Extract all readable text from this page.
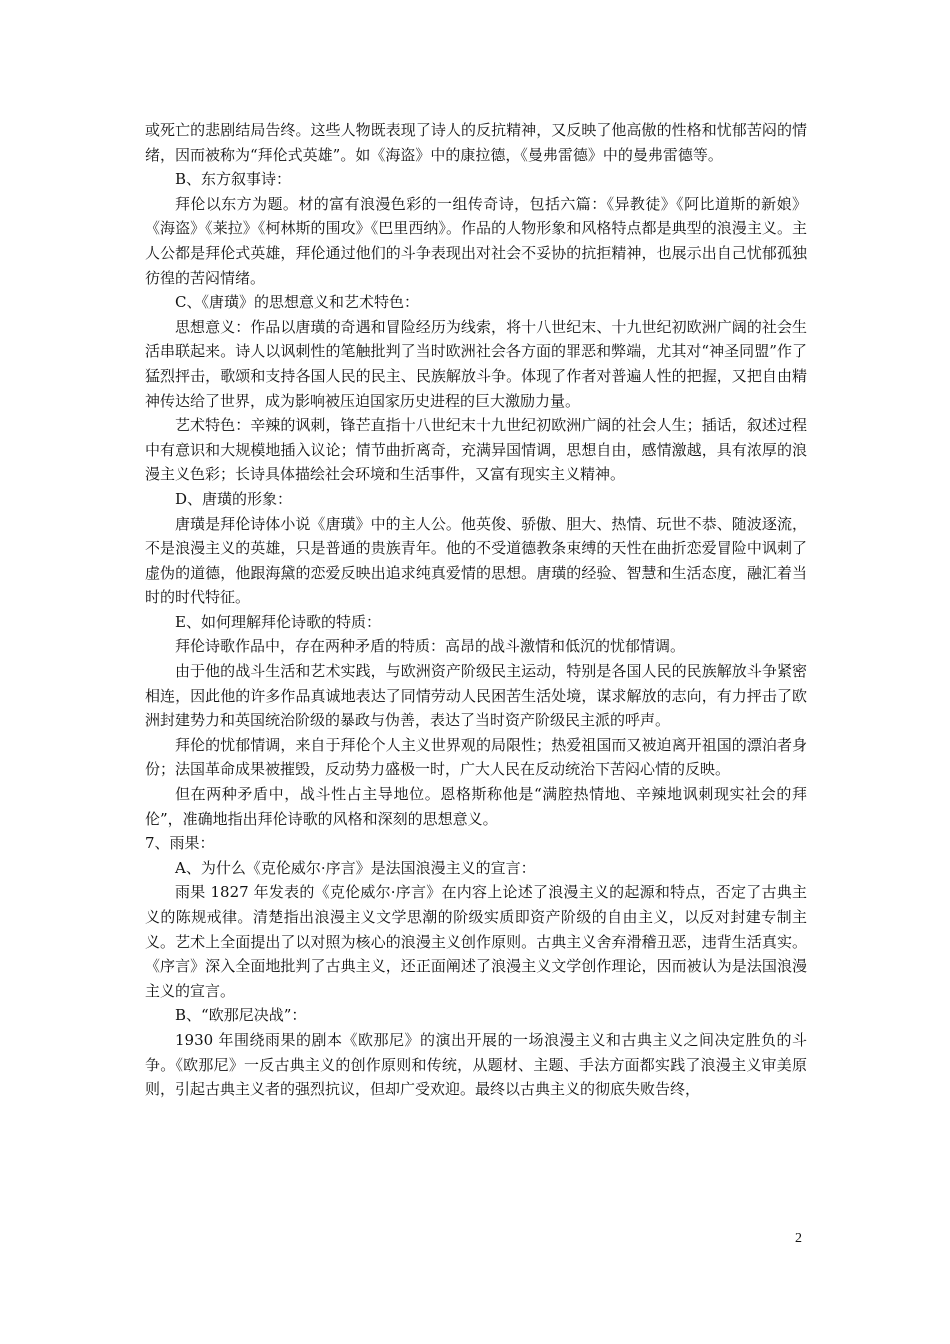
或死亡的悲剧结局告终。这些人物既表现了诗人的反抗精神，又反映了他高傲的性格和忧郁苦闷的情绪，因而被称为“拜伦式英雄”。如《海盗》中的康拉德，《曼弗雷德》中的曼弗雷德等。

B、东方叙事诗：

拜伦以东方为题。材的富有浪漫色彩的一组传奇诗，包括六篇：《异教徒》《阿比道斯的新娘》《海盗》《莱拉》《柯林斯的围攻》《巴里西纳》。作品的人物形象和风格特点都是典型的浪漫主义。主人公都是拜伦式英雄，拜伦通过他们的斗争表现出对社会不妥协的抗拒精神，也展示出自己忧郁孤独彷徨的苦闷情绪。

C、《唐璜》的思想意义和艺术特色：

思想意义：作品以唐璜的奇遇和冒险经历为线索，将十八世纪末、十九世纪初欧洲广阔的社会生活串联起来。诗人以讽刺性的笔触批判了当时欧洲社会各方面的罪恶和弊端，尤其对“神圣同盟”作了猛烈抨击，歌颂和支持各国人民的民主、民族解放斗争。体现了作者对普遍人性的把握，又把自由精神传达给了世界，成为影响被压迫国家历史进程的巨大激励力量。

艺术特色：辛辣的讽刺，锋芒直指十八世纪末十九世纪初欧洲广阔的社会人生；插话，叙述过程中有意识和大规模地插入议论；情节曲折离奇，充满异国情调，思想自由，感情激越，具有浓厚的浪漫主义色彩；长诗具体描绘社会环境和生活事件，又富有现实主义精神。

D、唐璜的形象：

唐璜是拜伦诗体小说《唐璜》中的主人公。他英俊、骄傲、胆大、热情、玩世不恭、随波逐流，不是浪漫主义的英雄，只是普通的贵族青年。他的不受道德教条束缚的天性在曲折恋爱冒险中讽刺了虚伪的道德，他跟海黛的恋爱反映出追求纯真爱情的思想。唐璜的经验、智慧和生活态度，融汇着当时的时代特征。

E、如何理解拜伦诗歌的特质：

拜伦诗歌作品中，存在两种矛盾的特质：高昂的战斗激情和低沉的忧郁情调。

由于他的战斗生活和艺术实践，与欧洲资产阶级民主运动，特别是各国人民的民族解放斗争紧密相连，因此他的许多作品真诚地表达了同情劳动人民困苦生活处境，谋求解放的志向，有力抨击了欧洲封建势力和英国统治阶级的暴政与伪善，表达了当时资产阶级民主派的呼声。

拜伦的忧郁情调，来自于拜伦个人主义世界观的局限性；热爱祖国而又被迫离开祖国的漂泊者身份；法国革命成果被摧毁，反动势力盛极一时，广大人民在反动统治下苦闷心情的反映。

但在两种矛盾中，战斗性占主导地位。恩格斯称他是“满腔热情地、辛辣地讽刺现实社会的拜伦”，准确地指出拜伦诗歌的风格和深刻的思想意义。

7、雨果：

A、为什么《克伦威尔·序言》是法国浪漫主义的宣言：

雨果 1827 年发表的《克伦威尔·序言》在内容上论述了浪漫主义的起源和特点，否定了古典主义的陈规戒律。清楚指出浪漫主义文学思潮的阶级实质即资产阶级的自由主义，以反对封建专制主义。艺术上全面提出了以对照为核心的浪漫主义创作原则。古典主义舍弃滑稽丑恶，违背生活真实。《序言》深入全面地批判了古典主义，还正面阐述了浪漫主义文学创作理论，因而被认为是法国浪漫主义的宣言。

B、“欧那尼决战”：

1930 年围绕雨果的剧本《欧那尼》的演出开展的一场浪漫主义和古典主义之间决定胜负的斗争。《欧那尼》一反古典主义的创作原则和传统，从题材、主题、手法方面都实践了浪漫主义审美原则，引起古典主义者的强烈抗议，但却广受欢迎。最终以古典主义的彻底失败告终，

2
